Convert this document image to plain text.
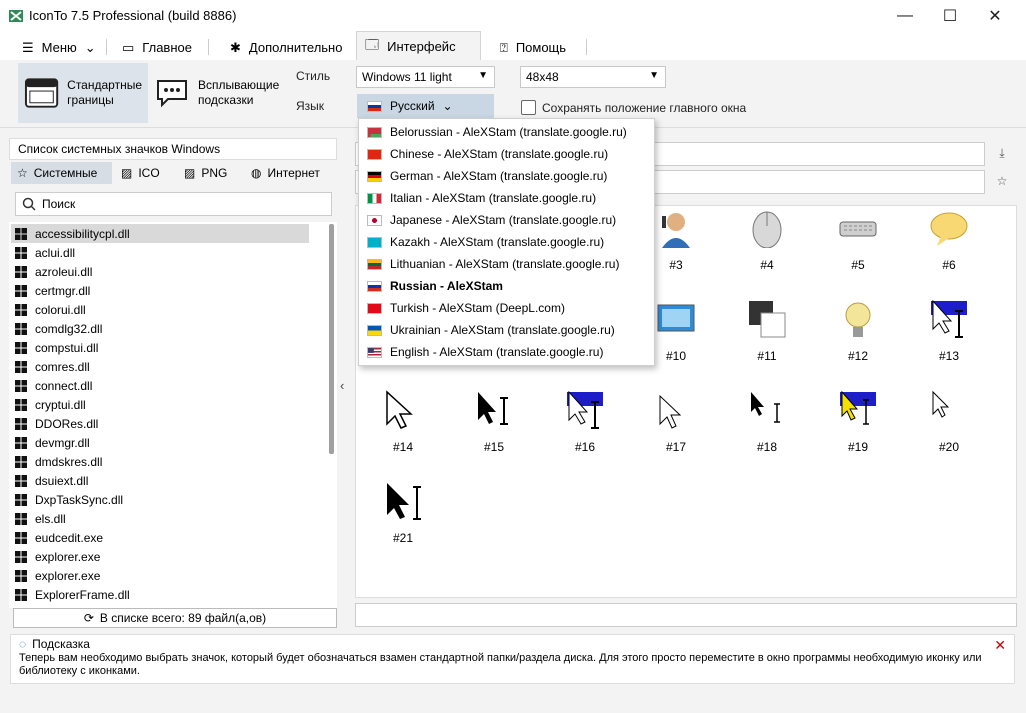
IconTo 7.5 Professional (build 8886)	—	☐	✕
☰ Меню ⌄ ▭ Главное	✱ Дополнительно 🗔 Интерфейс	⍰ Помощь
Стандартные
границы
Всплывающие
подсказки
Стиль
Язык
Windows 11 light	▼	48x48	▼
Русский ⌄	Сохранять положение главного окна
Список системных значков Windows
☆ Системные ▨ ICO ▨ PNG ◍ Интернет
Поиск
accessibilitycpl.dll
aclui.dll
azroleui.dll
certmgr.dll
colorui.dll
comdlg32.dll
compstui.dll
comres.dll
connect.dll
cryptui.dll
DDORes.dll
devmgr.dll
dmdskres.dll
dsuiext.dll
DxpTaskSync.dll
els.dll
eudcedit.exe
explorer.exe
explorer.exe
ExplorerFrame.dll
⟳ В списке всего: 89 файл(а,ов)
‹
⤓
☆
#3	#4	#5	#6
#10	#11	#12	#13
#14	#15	#16	#17	#18	#19	#20
#21
Belorussian - AleXStam (translate.google.ru)
Chinese - AleXStam (translate.google.ru)
German - AleXStam (translate.google.ru)
Italian - AleXStam (translate.google.ru)
Japanese - AleXStam (translate.google.ru)
Kazakh - AleXStam (translate.google.ru)
Lithuanian - AleXStam (translate.google.ru)
Russian - AleXStam
Turkish - AleXStam (DeepL.com)
Ukrainian - AleXStam (translate.google.ru)
English - AleXStam (translate.google.ru)
◌ Подсказка
Теперь вам необходимо выбрать значок, который будет обозначаться взамен стандартной папки/раздела диска. Для этого просто переместите в окно программы необходимую иконку или библиотеку с иконками.
✕
